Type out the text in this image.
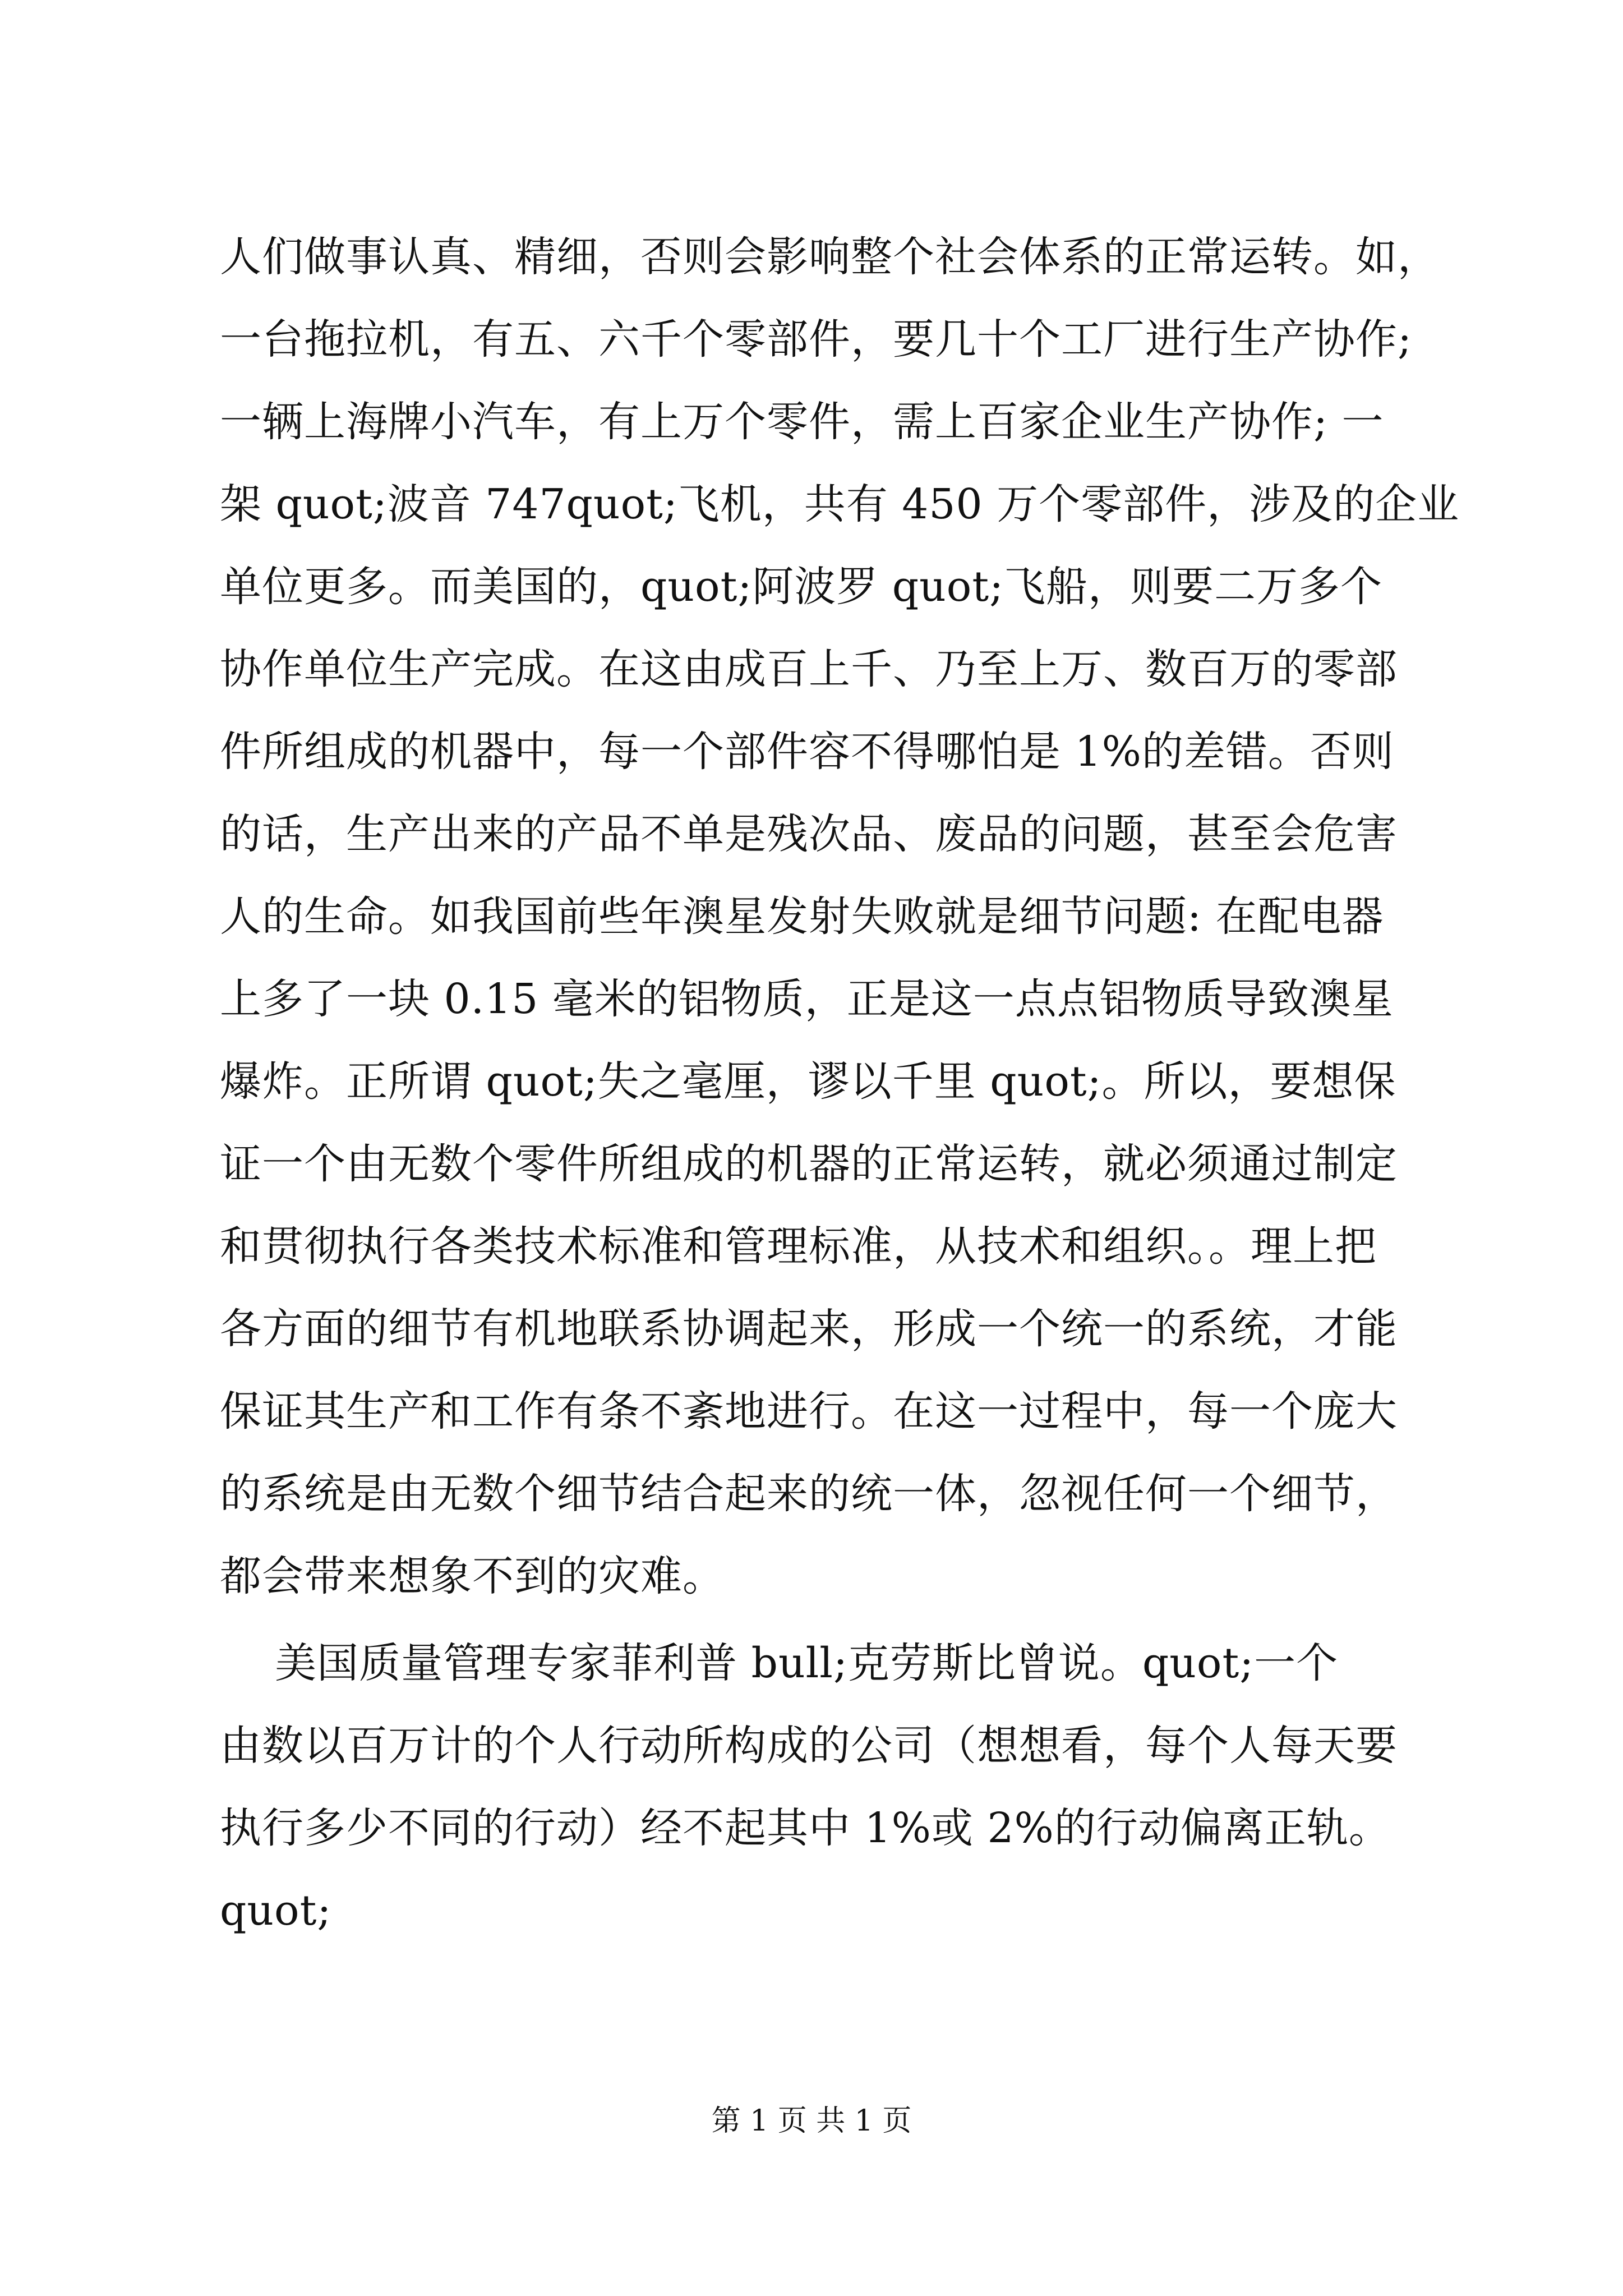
人们做事认真、精细，否则会影响整个社会体系的正常运转。如，
一台拖拉机，有五、六千个零部件，要几十个工厂进行生产协作;
一辆上海牌小汽车，有上万个零件，需上百家企业生产协作; 一
架 quot;波音 747quot;飞机，共有 450 万个零部件，涉及的企业
单位更多。而美国的，quot;阿波罗 quot;飞船，则要二万多个
协作单位生产完成。在这由成百上千、乃至上万、数百万的零部
件所组成的机器中，每一个部件容不得哪怕是 1%的差错。否则
的话，生产出来的产品不单是残次品、废品的问题，甚至会危害
人的生命。如我国前些年澳星发射失败就是细节问题: 在配电器
上多了一块 0.15 毫米的铝物质，正是这一点点铝物质导致澳星
爆炸。正所谓 quot;失之毫厘，谬以千里 quot;。所以，要想保
证一个由无数个零件所组成的机器的正常运转，就必须通过制定
和贯彻执行各类技术标准和管理标准，从技术和组织。。理上把
各方面的细节有机地联系协调起来，形成一个统一的系统，才能
保证其生产和工作有条不紊地进行。在这一过程中，每一个庞大
的系统是由无数个细节结合起来的统一体，忽视任何一个细节，
都会带来想象不到的灾难。
美国质量管理专家菲利普 bull;克劳斯比曾说。quot;一个
由数以百万计的个人行动所构成的公司（想想看，每个人每天要
执行多少不同的行动）经不起其中 1%或 2%的行动偏离正轨。
quot;
第 1 页 共 1 页
